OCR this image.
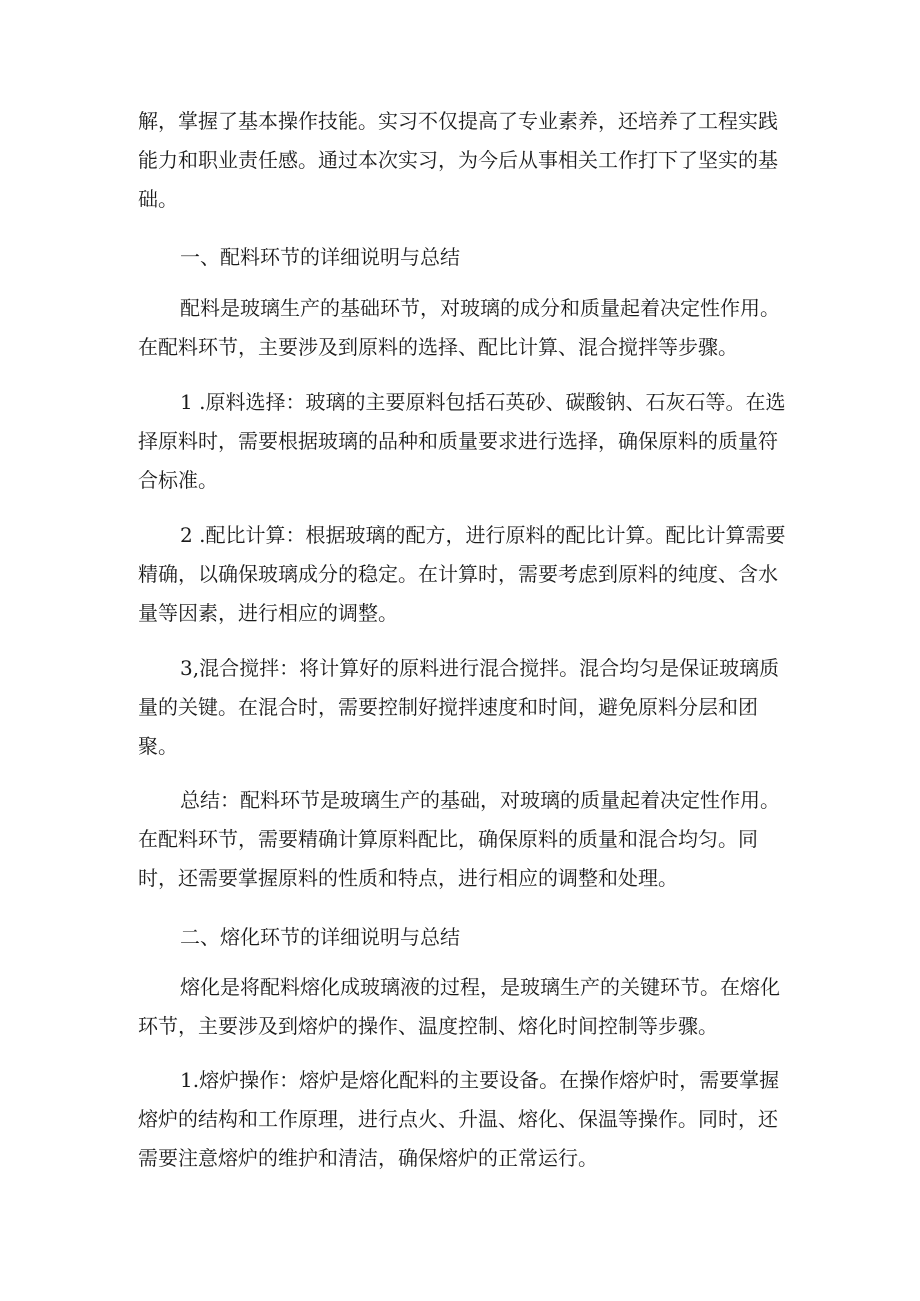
解，掌握了基本操作技能。实习不仅提高了专业素养，还培养了工程实践能力和职业责任感。通过本次实习，为今后从事相关工作打下了坚实的基础。

一、配料环节的详细说明与总结

配料是玻璃生产的基础环节，对玻璃的成分和质量起着决定性作用。在配料环节，主要涉及到原料的选择、配比计算、混合搅拌等步骤。

1 .原料选择：玻璃的主要原料包括石英砂、碳酸钠、石灰石等。在选择原料时，需要根据玻璃的品种和质量要求进行选择，确保原料的质量符合标准。

2 .配比计算：根据玻璃的配方，进行原料的配比计算。配比计算需要精确，以确保玻璃成分的稳定。在计算时，需要考虑到原料的纯度、含水量等因素，进行相应的调整。

3,混合搅拌：将计算好的原料进行混合搅拌。混合均匀是保证玻璃质量的关键。在混合时，需要控制好搅拌速度和时间，避免原料分层和团聚。

总结：配料环节是玻璃生产的基础，对玻璃的质量起着决定性作用。在配料环节，需要精确计算原料配比，确保原料的质量和混合均匀。同时，还需要掌握原料的性质和特点，进行相应的调整和处理。

二、熔化环节的详细说明与总结

熔化是将配料熔化成玻璃液的过程，是玻璃生产的关键环节。在熔化环节，主要涉及到熔炉的操作、温度控制、熔化时间控制等步骤。

1.熔炉操作：熔炉是熔化配料的主要设备。在操作熔炉时，需要掌握熔炉的结构和工作原理，进行点火、升温、熔化、保温等操作。同时，还需要注意熔炉的维护和清洁，确保熔炉的正常运行。
